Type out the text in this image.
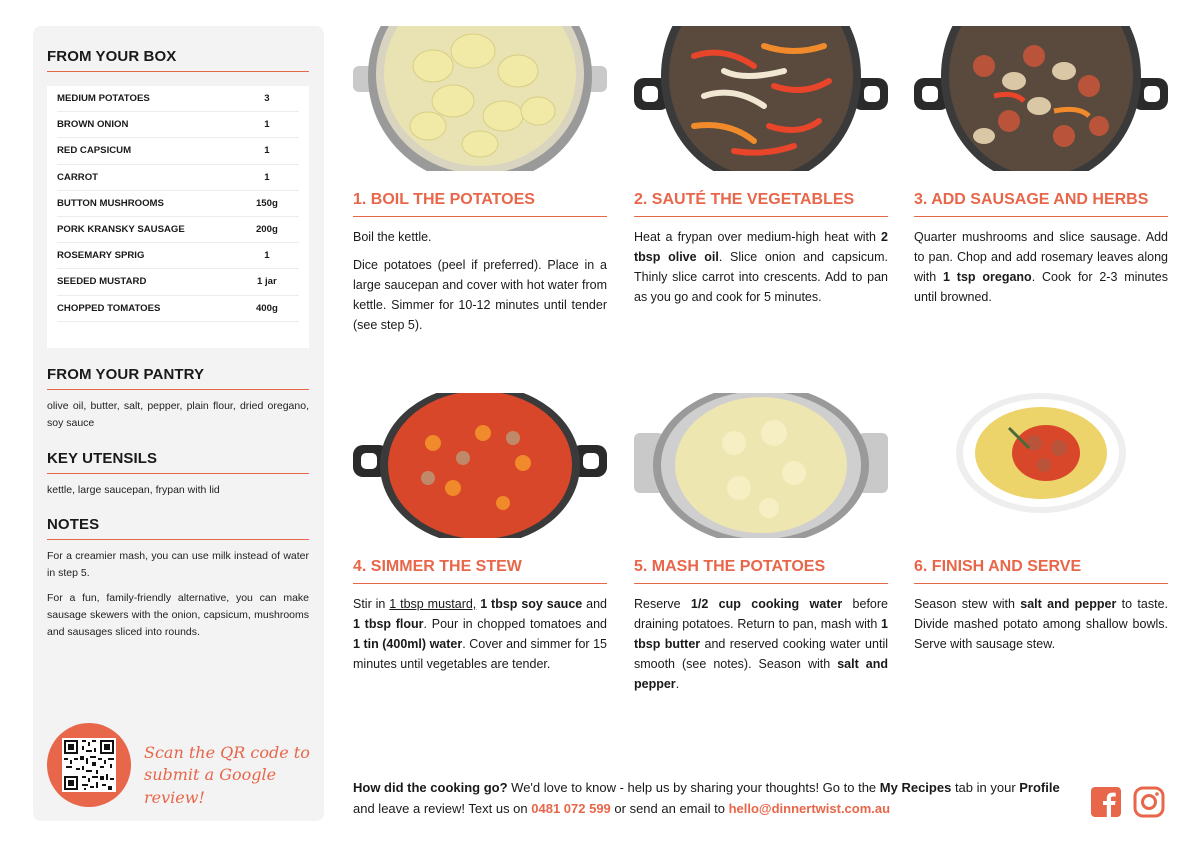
FROM YOUR BOX
MEDIUM POTATOES	3
BROWN ONION	1
RED CAPSICUM	1
CARROT	1
BUTTON MUSHROOMS	150g
PORK KRANSKY SAUSAGE	200g
ROSEMARY SPRIG	1
SEEDED MUSTARD	1 jar
CHOPPED TOMATOES	400g
FROM YOUR PANTRY
olive oil, butter, salt, pepper, plain flour, dried oregano, soy sauce
KEY UTENSILS
kettle, large saucepan, frypan with lid
NOTES
For a creamier mash, you can use milk instead of water in step 5.
For a fun, family-friendly alternative, you can make sausage skewers with the onion, capsicum, mushrooms and sausages sliced into rounds.
Scan the QR code to
submit a Google review!
1. BOIL THE POTATOES

Boil the kettle.

Dice potatoes (peel if preferred). Place in a large saucepan and cover with hot water from kettle. Simmer for 10-12 minutes until tender (see step 5).

2. SAUTÉ THE VEGETABLES

Heat a frypan over medium-high heat with 2 tbsp olive oil. Slice onion and capsicum. Thinly slice carrot into crescents. Add to pan as you go and cook for 5 minutes.

3. ADD SAUSAGE AND HERBS

Quarter mushrooms and slice sausage. Add to pan. Chop and add rosemary leaves along with 1 tsp oregano. Cook for 2-3 minutes until browned.

4. SIMMER THE STEW

Stir in 1 tbsp mustard, 1 tbsp soy sauce and 1 tbsp flour. Pour in chopped tomatoes and 1 tin (400ml) water. Cover and simmer for 15 minutes until vegetables are tender.

5. MASH THE POTATOES

Reserve 1/2 cup cooking water before draining potatoes. Return to pan, mash with 1 tbsp butter and reserved cooking water until smooth (see notes). Season with salt and pepper.

6. FINISH AND SERVE

Season stew with salt and pepper to taste. Divide mashed potato among shallow bowls. Serve with sausage stew.

How did the cooking go? We'd love to know - help us by sharing your thoughts! Go to the My Recipes tab in your Profile and leave a review! Text us on 0481 072 599 or send an email to hello@dinnertwist.com.au
